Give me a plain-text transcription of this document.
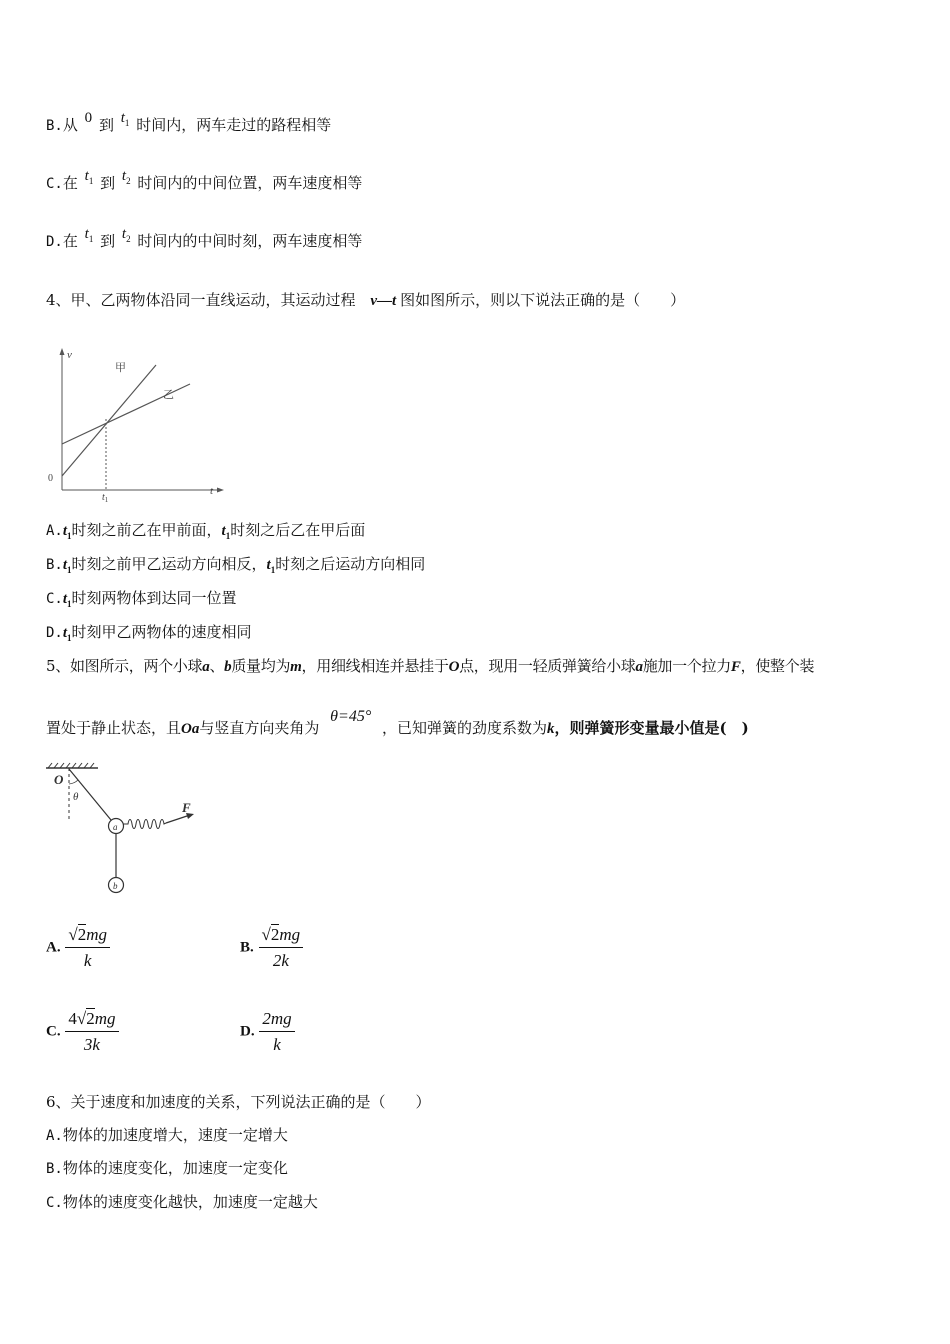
B.从 0 到 $t_1$ 时间内，两车走过的路程相等
C.在 $t_1$ 到 $t_2$ 时间内的中间位置，两车速度相等
D.在 $t_1$ 到 $t_2$ 时间内的中间时刻，两车速度相等
4、甲、乙两物体沿同一直线运动，其运动过程 v—t 图如图所示，则以下说法正确的是（　　）
v
t
0
$t_1$
甲
乙
$A.t_1$时刻之前乙在甲前面，$t_1$时刻之后乙在甲后面
$B.t_1$时刻之前甲乙运动方向相反，$t_1$时刻之后运动方向相同
$C.t_1$时刻两物体到达同一位置
$D.t_1$时刻甲乙两物体的速度相同
5、如图所示，两个小球a、b质量均为m，用细线相连并悬挂于O点，现用一轻质弹簧给小球a施加一个拉力F，使整个装
置处于静止状态，且Oa与竖直方向夹角为 θ=45° ，已知弹簧的劲度系数为k，则弹簧形变量最小值是(　)
O
θ
a
b
F
A. $\frac{√2mg}{k}$	B. $\frac{√2mg}{2k}$
C. $\frac{4√2mg}{3k}$	D. $\frac{2mg}{k}$
6、关于速度和加速度的关系，下列说法正确的是（　　）
A.物体的加速度增大，速度一定增大
B.物体的速度变化，加速度一定变化
C.物体的速度变化越快，加速度一定越大
